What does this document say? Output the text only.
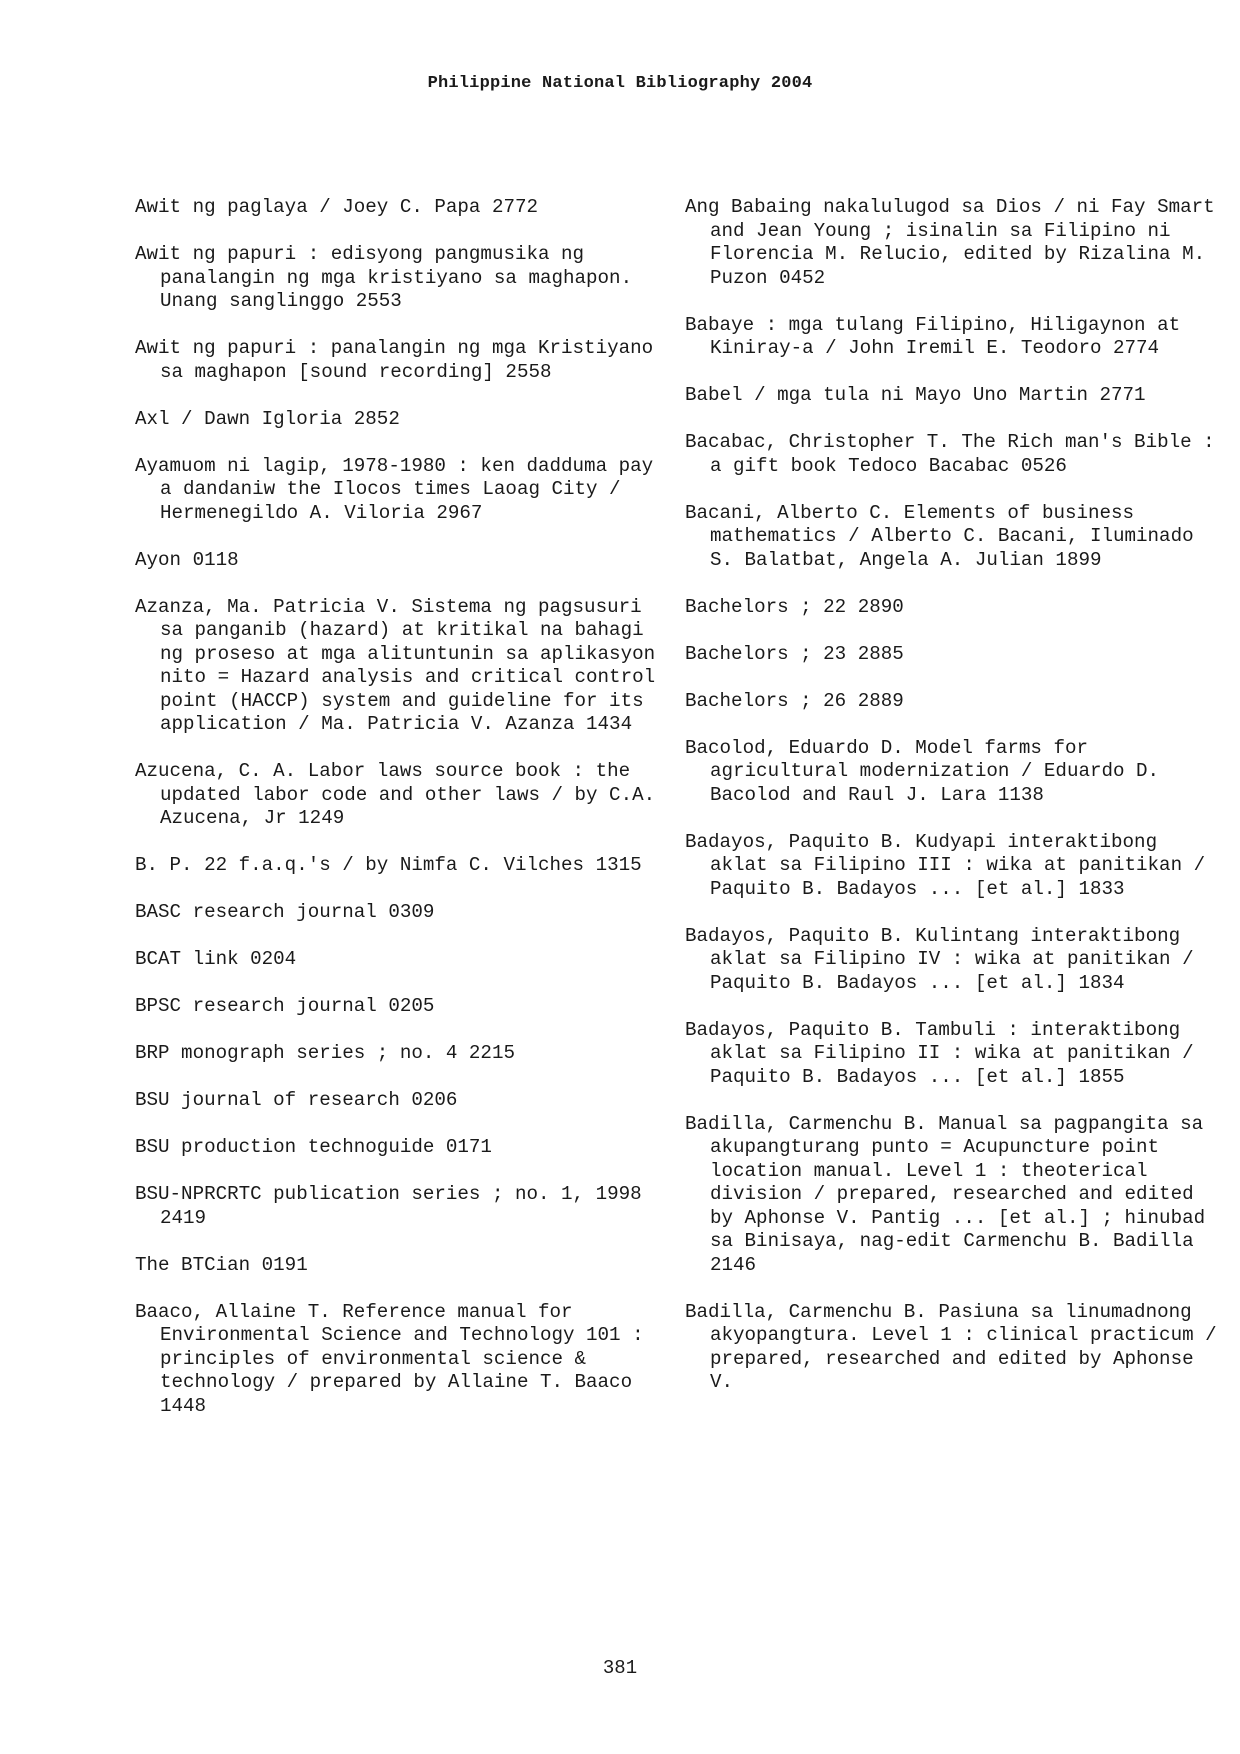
Philippine National Bibliography 2004

Awit ng paglaya / Joey C. Papa 2772

Awit ng papuri : edisyong pangmusika ng panalangin ng mga kristiyano sa maghapon. Unang sanglinggo 2553

Awit ng papuri : panalangin ng mga Kristiyano sa maghapon [sound recording] 2558

Axl / Dawn Igloria 2852

Ayamuom ni lagip, 1978-1980 : ken dadduma pay a dandaniw the Ilocos times Laoag City / Hermenegildo A. Viloria 2967

Ayon 0118

Azanza, Ma. Patricia V. Sistema ng pagsusuri sa panganib (hazard) at kritikal na bahagi ng proseso at mga alituntunin sa aplikasyon nito = Hazard analysis and critical control point (HACCP) system and guideline for its application / Ma. Patricia V. Azanza 1434

Azucena, C. A. Labor laws source book : the updated labor code and other laws / by C.A. Azucena, Jr 1249

B. P. 22 f.a.q.'s / by Nimfa C. Vilches 1315

BASC research journal 0309

BCAT link 0204

BPSC research journal 0205

BRP monograph series ; no. 4 2215

BSU journal of research 0206

BSU production technoguide 0171

BSU-NPRCRTC publication series ; no. 1, 1998 2419

The BTCian 0191

Baaco, Allaine T. Reference manual for Environmental Science and Technology 101 : principles of environmental science & technology / prepared by Allaine T. Baaco 1448

Ang Babaing nakalulugod sa Dios / ni Fay Smart and Jean Young ; isinalin sa Filipino ni Florencia M. Relucio, edited by Rizalina M. Puzon 0452

Babaye : mga tulang Filipino, Hiligaynon at Kiniray-a / John Iremil E. Teodoro 2774

Babel / mga tula ni Mayo Uno Martin 2771

Bacabac, Christopher T. The Rich man's Bible : a gift book Tedoco Bacabac 0526

Bacani, Alberto C. Elements of business mathematics / Alberto C. Bacani, Iluminado S. Balatbat, Angela A. Julian 1899

Bachelors ; 22 2890

Bachelors ; 23 2885

Bachelors ; 26 2889

Bacolod, Eduardo D. Model farms for agricultural modernization / Eduardo D. Bacolod and Raul J. Lara 1138

Badayos, Paquito B. Kudyapi interaktibong aklat sa Filipino III : wika at panitikan / Paquito B. Badayos ... [et al.] 1833

Badayos, Paquito B. Kulintang interaktibong aklat sa Filipino IV : wika at panitikan / Paquito B. Badayos ... [et al.] 1834

Badayos, Paquito B. Tambuli : interaktibong aklat sa Filipino II : wika at panitikan / Paquito B. Badayos ... [et al.] 1855

Badilla, Carmenchu B. Manual sa pagpangita sa akupangturang punto = Acupuncture point location manual. Level 1 : theoterical division / prepared, researched and edited by Aphonse V. Pantig ... [et al.] ; hinubad sa Binisaya, nag-edit Carmenchu B. Badilla 2146

Badilla, Carmenchu B. Pasiuna sa linumadnong akyopangtura. Level 1 : clinical practicum / prepared, researched and edited by Aphonse V.

381
